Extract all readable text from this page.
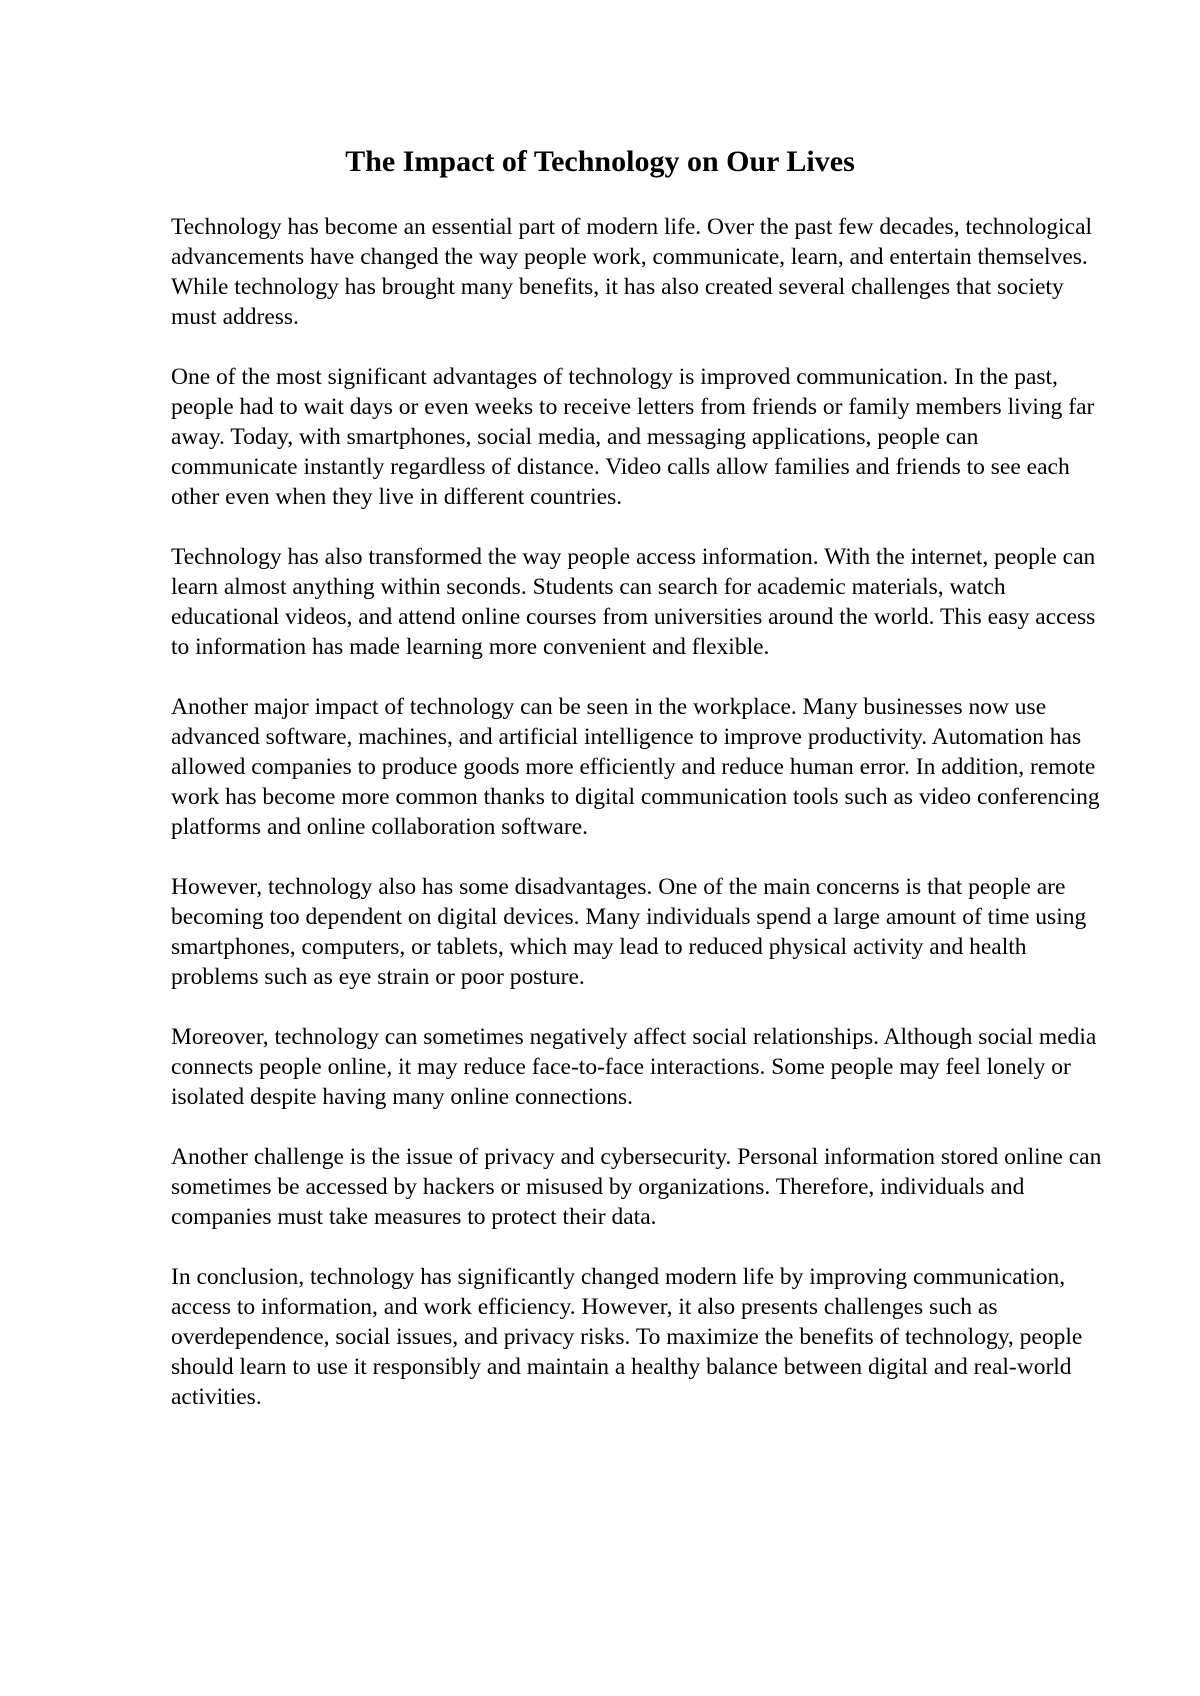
The Impact of Technology on Our Lives

Technology has become an essential part of modern life. Over the past few decades, technological advancements have changed the way people work, communicate, learn, and entertain themselves. While technology has brought many benefits, it has also created several challenges that society must address.

One of the most significant advantages of technology is improved communication. In the past, people had to wait days or even weeks to receive letters from friends or family members living far away. Today, with smartphones, social media, and messaging applications, people can communicate instantly regardless of distance. Video calls allow families and friends to see each other even when they live in different countries.

Technology has also transformed the way people access information. With the internet, people can learn almost anything within seconds. Students can search for academic materials, watch educational videos, and attend online courses from universities around the world. This easy access to information has made learning more convenient and flexible.

Another major impact of technology can be seen in the workplace. Many businesses now use advanced software, machines, and artificial intelligence to improve productivity. Automation has allowed companies to produce goods more efficiently and reduce human error. In addition, remote work has become more common thanks to digital communication tools such as video conferencing platforms and online collaboration software.

However, technology also has some disadvantages. One of the main concerns is that people are becoming too dependent on digital devices. Many individuals spend a large amount of time using smartphones, computers, or tablets, which may lead to reduced physical activity and health problems such as eye strain or poor posture.

Moreover, technology can sometimes negatively affect social relationships. Although social media connects people online, it may reduce face-to-face interactions. Some people may feel lonely or isolated despite having many online connections.

Another challenge is the issue of privacy and cybersecurity. Personal information stored online can sometimes be accessed by hackers or misused by organizations. Therefore, individuals and companies must take measures to protect their data.

In conclusion, technology has significantly changed modern life by improving communication, access to information, and work efficiency. However, it also presents challenges such as overdependence, social issues, and privacy risks. To maximize the benefits of technology, people should learn to use it responsibly and maintain a healthy balance between digital and real-world activities.
